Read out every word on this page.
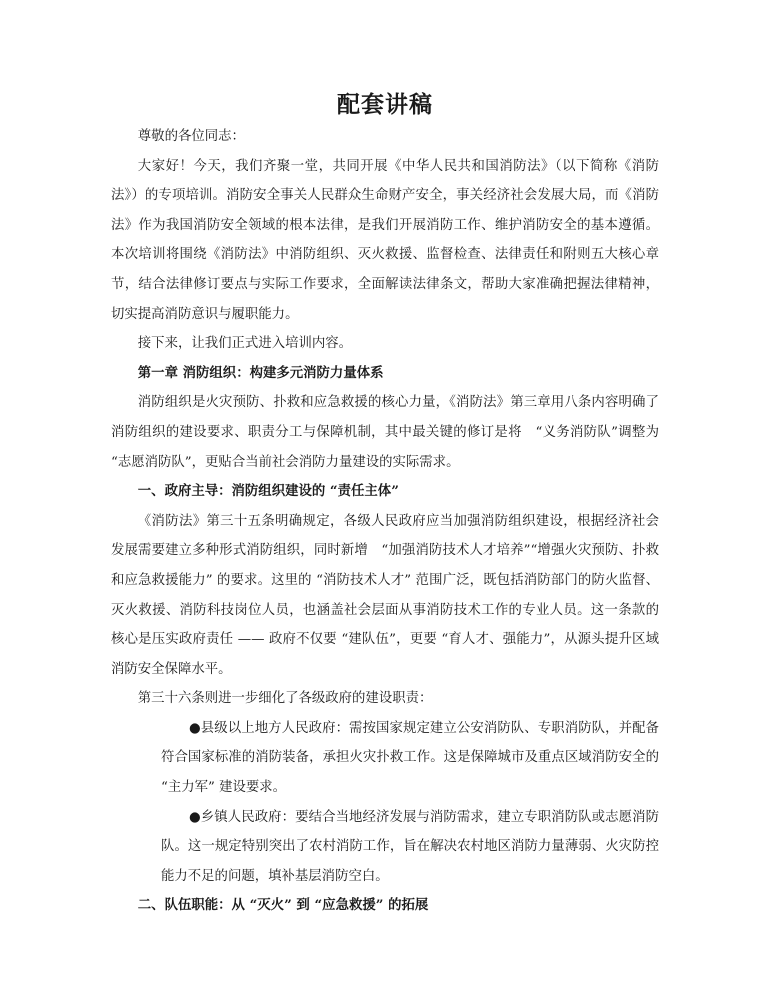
配套讲稿

尊敬的各位同志：

大家好！今天，我们齐聚一堂，共同开展《中华人民共和国消防法》（以下简称《消防法》）的专项培训。消防安全事关人民群众生命财产安全，事关经济社会发展大局，而《消防法》作为我国消防安全领域的根本法律，是我们开展消防工作、维护消防安全的基本遵循。本次培训将围绕《消防法》中消防组织、灭火救援、监督检查、法律责任和附则五大核心章节，结合法律修订要点与实际工作要求，全面解读法律条文，帮助大家准确把握法律精神，切实提高消防意识与履职能力。

接下来，让我们正式进入培训内容。

第一章 消防组织：构建多元消防力量体系

消防组织是火灾预防、扑救和应急救援的核心力量，《消防法》第三章用八条内容明确了消防组织的建设要求、职责分工与保障机制，其中最关键的修订是将　“义务消防队”调整为 “志愿消防队”，更贴合当前社会消防力量建设的实际需求。

一、政府主导：消防组织建设的 “责任主体”

《消防法》第三十五条明确规定，各级人民政府应当加强消防组织建设，根据经济社会发展需要建立多种形式消防组织，同时新增　“加强消防技术人才培养”“增强火灾预防、扑救和应急救援能力” 的要求。这里的 “消防技术人才” 范围广泛，既包括消防部门的防火监督、灭火救援、消防科技岗位人员，也涵盖社会层面从事消防技术工作的专业人员。这一条款的核心是压实政府责任 —— 政府不仅要 “建队伍”，更要 “育人才、强能力”，从源头提升区域消防安全保障水平。

第三十六条则进一步细化了各级政府的建设职责：

●县级以上地方人民政府：需按国家规定建立公安消防队、专职消防队，并配备符合国家标准的消防装备，承担火灾扑救工作。这是保障城市及重点区域消防安全的 “主力军” 建设要求。

●乡镇人民政府：要结合当地经济发展与消防需求，建立专职消防队或志愿消防队。这一规定特别突出了农村消防工作，旨在解决农村地区消防力量薄弱、火灾防控能力不足的问题，填补基层消防空白。

二、队伍职能：从 “灭火” 到 “应急救援” 的拓展
